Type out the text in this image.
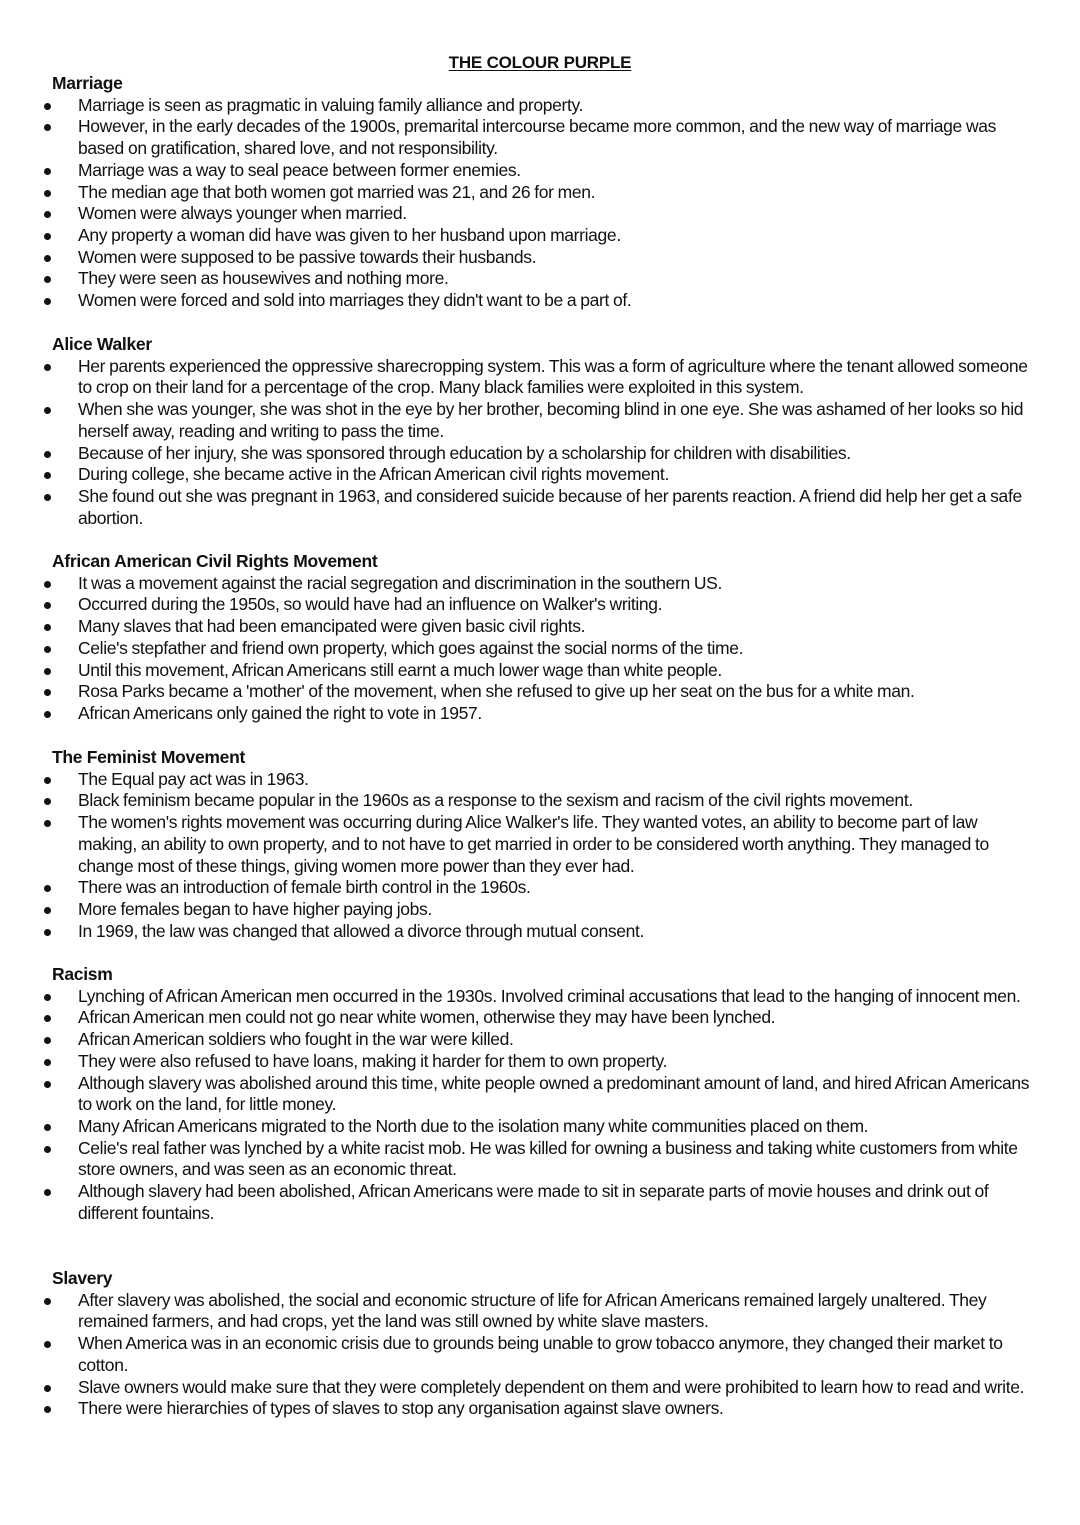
THE COLOUR PURPLE
Marriage
Marriage is seen as pragmatic in valuing family alliance and property.
However, in the early decades of the 1900s, premarital intercourse became more common, and the new way of marriage was based on gratification, shared love, and not responsibility.
Marriage was a way to seal peace between former enemies.
The median age that both women got married was 21, and 26 for men.
Women were always younger when married.
Any property a woman did have was given to her husband upon marriage.
Women were supposed to be passive towards their husbands.
They were seen as housewives and nothing more.
Women were forced and sold into marriages they didn't want to be a part of.
Alice Walker
Her parents experienced the oppressive sharecropping system. This was a form of agriculture where the tenant allowed someone to crop on their land for a percentage of the crop. Many black families were exploited in this system.
When she was younger, she was shot in the eye by her brother, becoming blind in one eye. She was ashamed of her looks so hid herself away, reading and writing to pass the time.
Because of her injury, she was sponsored through education by a scholarship for children with disabilities.
During college, she became active in the African American civil rights movement.
She found out she was pregnant in 1963, and considered suicide because of her parents reaction. A friend did help her get a safe abortion.
African American Civil Rights Movement
It was a movement against the racial segregation and discrimination in the southern US.
Occurred during the 1950s, so would have had an influence on Walker's writing.
Many slaves that had been emancipated were given basic civil rights.
Celie's stepfather and friend own property, which goes against the social norms of the time.
Until this movement, African Americans still earnt a much lower wage than white people.
Rosa Parks became a 'mother' of the movement, when she refused to give up her seat on the bus for a white man.
African Americans only gained the right to vote in 1957.
The Feminist Movement
The Equal pay act was in 1963.
Black feminism became popular in the 1960s as a response to the sexism and racism of the civil rights movement.
The women's rights movement was occurring during Alice Walker's life. They wanted votes, an ability to become part of law making, an ability to own property, and to not have to get married in order to be considered worth anything. They managed to change most of these things, giving women more power than they ever had.
There was an introduction of female birth control in the 1960s.
More females began to have higher paying jobs.
In 1969, the law was changed that allowed a divorce through mutual consent.
Racism
Lynching of African American men occurred in the 1930s. Involved criminal accusations that lead to the hanging of innocent men.
African American men could not go near white women, otherwise they may have been lynched.
African American soldiers who fought in the war were killed.
They were also refused to have loans, making it harder for them to own property.
Although slavery was abolished around this time, white people owned a predominant amount of land, and hired African Americans to work on the land, for little money.
Many African Americans migrated to the North due to the isolation many white communities placed on them.
Celie's real father was lynched by a white racist mob. He was killed for owning a business and taking white customers from white store owners, and was seen as an economic threat.
Although slavery had been abolished, African Americans were made to sit in separate parts of movie houses and drink out of different fountains.
Slavery
After slavery was abolished, the social and economic structure of life for African Americans remained largely unaltered. They remained farmers, and had crops, yet the land was still owned by white slave masters.
When America was in an economic crisis due to grounds being unable to grow tobacco anymore, they changed their market to cotton.
Slave owners would make sure that they were completely dependent on them and were prohibited to learn how to read and write.
There were hierarchies of types of slaves to stop any organisation against slave owners.
